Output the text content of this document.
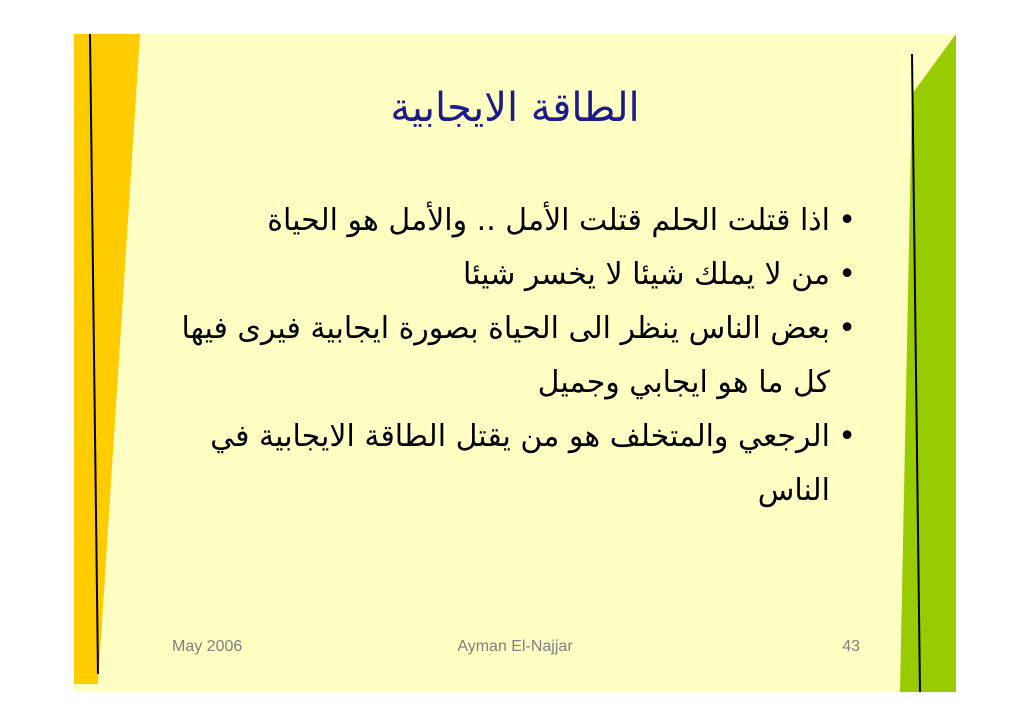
الطاقة الايجابية
• اذا قتلت الحلم قتلت الأمل .. والأمل هو الحياة
• من لا يملك شيئا لا يخسر شيئا
• بعض الناس ينظر الى الحياة بصورة ايجابية فيرى فيها كل ما هو ايجابي وجميل
• الرجعي والمتخلف هو من يقتل الطاقة الايجابية في الناس
May 2006	Ayman El-Najjar	43
